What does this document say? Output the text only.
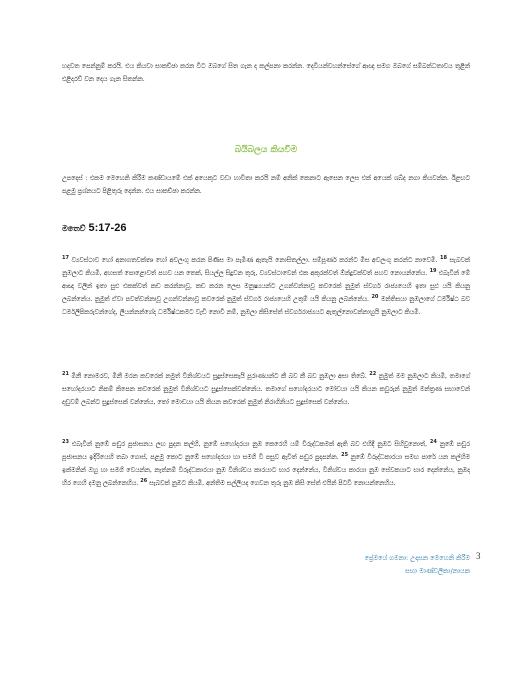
හදවත පෙන්නුම් කරයි. එය කියවා සාකච්ඡා කරන විට ඔබගේ සිත ගැන ද කල්පනා කරන්න. දෙවියන්වහන්සේගේ ආඥා සමග ඔබගේ සම්බන්ධතාවය තුළින් එළිදරව් වන දෙය ගැන සිතන්න.

බයිබලය කියවීම

උපදෙස් : එකම මෙහෙනි කිරීම කණ්ඩායමේ එක් අයෙකුට වඩා හාවිතා කරයි නම් අනික් කෙනාට ඇසෙන ලෙස එක් අයෙක් ශබ්ද නගා කියවන්න. ඊළඟට පළමු ප්‍රශ්නයට පිළිතුරු දෙන්න. එය සාකච්ඡා කරන්න.

මතෙව් 5:17-26

$^{17}$ ව්‍යවස්ථාව හෝ අනාගතවක්තෘ හෝ අවලංගු කරන පිණිස මා පැමිණ ඇතැයි නොසිතල්ලා. සම්පූර්ණ කරන්ට මිස අවලංගු කරන්ට නාවෙමි. $^{18}$ සැබවක් නුඹලාට කියමි, අහසත් පොළොවත් පහව යන තෙක්, සියල්ල සිදුවන තුරු, ව්‍යවස්ථාවෙන් එක අකුරක්වත් ඕන්දුවක්වත් පහව නොයන්නේය. $^{19}$ එබැවින් මේ ආඥා වලින් ඉතා සුළු එකක්වත් කඩ කරන්නාවූ, කඩ කරන ලෙස මනුෂ්‍යයන්ට උගන්වන්නාවූ කවරෙක් නුමුත් ස්වර්ග රාජ්‍යයෙහි ඉතා සුළු යයි කියනු ලබන්නේය. නුමුත් ඒවා පවත්වන්නාවූ උගන්වන්නාවූ කවරෙක් නුමුත් ස්වර්ග රාජ්‍යයෙහි උතුම් යයි කියනු ලබන්නේය. $^{20}$ මන්තිසයා නුඹලාගේ ධර්මිෂ්ඨ බව ධර්මලිපිකරුවන්ගේද, ලියන්නන්ගේද ධර්මිෂ්ඨකමට වැඩි නොවී නම්, නුඹලා කිසිසේත් ස්වර්ගරාජ්‍යයට ඇතුල්නොවන්නාහුයි නුඹලාට කියමි.

$^{21}$ මිනී නොමරව, මිනී මරන කවරෙක් නමුත් විනිශ්චයට සුදුස්සෙකැයි පූරාණයන්ට කී බව කී බව නුඹලා අසා තිබේ. $^{22}$ නුමුත් මම නුඹලාට කියමි, තමාගේ සහෝදරයාට නිකම් කිපෙන කවරෙක් නුමුත් විනිශ්චයට සුදුස්සෙක්වන්නේය. තමාගේ සහෝදරයාට මෝඩයා යයි කියන කවුරුන් නුමුත් මන්ත්‍රණ සභාවෙන් දඬුවම් ලබන්ට සුදුස්සෙක් වන්නේය, තෝ මොඩයා යයි කියන කවරෙක් නුමුත් නිරාගිනියට සුදුස්සෙක් වන්නේය.

$^{23}$ එබැවින් නුඹේ පඬුර පූජාසනය ලඟ පුදන කල්හි, නුඹේ සහෝදරයා නුඹ කෙරෙහි යම් විරුද්ධකමක් ඇති බව එහිදී නුඹට සිහිවුනොත්, $^{24}$ නුඹේ පඬුර පූජාසනය ඉදිරියෙහි තබා ගොස්, පළමු කොට නුඹේ සහෝදරයා හා සමගි වී පසුව ඇවිත් පඬුර පුදාපන්න. $^{25}$ නුඹේ විරුද්ධකාරයා සමඟ පාරේ යන කල්හිම ඉක්මනින් ඔහු හා සමගි වෙයන්න, නැත්නම් විරුද්ධකාරයා නුඹ විනිශ්චය කාරයාට භාර දෙන්නේය, විනිශ්චය කාරයා නුඹ සේවකයාට භාර දෙන්නේය, නුඹද හිර ගෙහි දමනු ලබන්නෙහිය. $^{26}$ සැබවක් නුඹට කියමි, අන්තිම සල්ලියද ගෙවන තුරු නුඹ කිසි සේත් එයින් පිටවී නොයන්නෙහිය.

ප්‍රේමයේ ගමනා: උදාසන මෙහෙනි කිරීම
සභා මාණ්ඩලිකා/නායක
3
